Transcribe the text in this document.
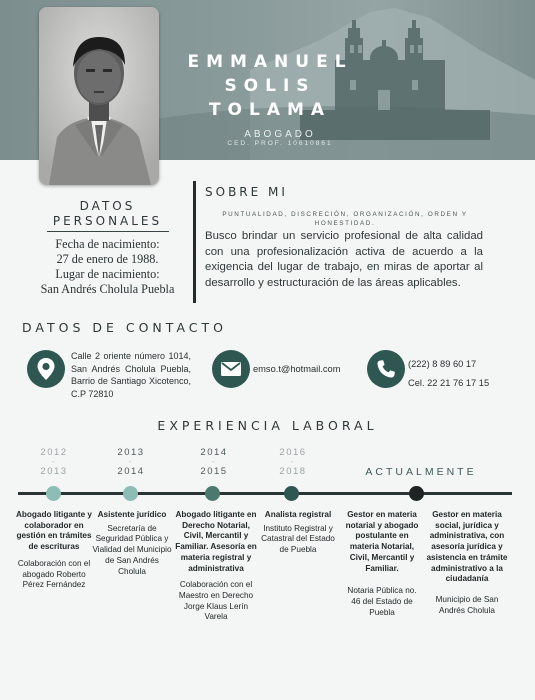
EMMANUEL
SOLIS
TOLAMA
ABOGADO
CED. PROF. 10610861
SOBRE MI
PUNTUALIDAD, DISCRECIÓN, ORGANIZACIÓN, ORDEN Y HONESTIDAD.
Busco brindar un servicio profesional de alta calidad con una profesionalización activa de acuerdo a la exigencia del lugar de trabajo, en miras de aportar al desarrollo y estructuración de las áreas aplicables.
DATOS PERSONALES
Fecha de nacimiento:
27 de enero de 1988.
Lugar de nacimiento:
San Andrés Cholula Puebla
DATOS DE CONTACTO
Calle 2 oriente número 1014, San Andrés Cholula Puebla, Barrio de Santiago Xicotenco, C.P 72810
emso.t@hotmail.com	(222) 8 89 60 17
Cel. 22 21 76 17 15
EXPERIENCIA LABORAL
2012
-
2013
2013
-
2014
2014
-
2015
2016
-
2018	ACTUALMENTE
Abogado litigante y colaborador en gestión en trámites de escrituras
Colaboración con el abogado Roberto Pérez Fernández
Asistente jurídico
Secretaría de Seguridad Pública y Vialidad del Municipio de San Andrés Cholula
Abogado litigante en Derecho Notarial, Civil, Mercantil y Familiar. Asesoría en materia registral y administrativa
Colaboración con el Maestro en Derecho Jorge Klaus Lerín Varela
Analista registral
Instituto Registral y Catastral del Estado de Puebla
Gestor en materia notarial y abogado postulante en materia Notarial, Civil, Mercantil y Familiar.
Notaria Pública no. 46 del Estado de Puebla
Gestor en materia social, jurídica y administrativa, con asesoría jurídica y asistencia en trámite administrativo a la ciudadanía
Municipio de San Andrés Cholula
